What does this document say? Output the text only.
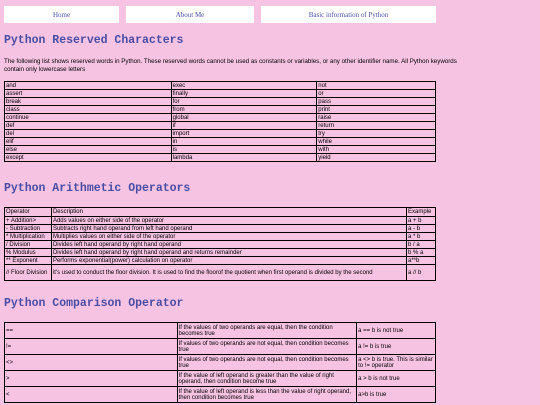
Home	About Me	Basic information of Python
Python Reserved Characters

The following list shows reserved words in Python. These reserved words cannot be used as constants or variables, or any other identifier name. All Python keywords contain only lowercase letters

and	exec	not
assert	finally	or
break	for	pass
class	from	print
continue	global	raise
def	if	return
del	import	try
elif	in	while
else	is	with
except	lambda	yield
Python Arithmetic Operators
Operator	Description	Example
+ Addition>	Adds values on either side of the operator	a + b
- Subtraction	Subtracts right hand operand from left hand operand	a - b
* Multiplication	Multiplies values on either side of the operator	a * b
/ Division	Divides left hand operand by right hand operand	b / a
% Modulus	Divides left hand operand by right hand operand and returns remainder	b % a
** Exponent	Performs exponential(power) calculation on operator	a**b
// Floor Division	it's used to conduct the floor division. It is used to find the floorof the quotient when first operand is divided by the second	a // b
Python Comparison Operator
==	If the values of two operands are equal, then the condition becomes true	a == b is not true
!=	If values of two operands are not equal, then condition becomes true	a != b is true
<>	If values of two operands are not equal, then condition becomes true	a <> b is true. This is similar to != operator
>	If the value of left operand is greater than the value of right operand, then condition become true	a > b is not true
<	If the value of left operand is less than the value of right operand, then condition becomes true	a>b is true
